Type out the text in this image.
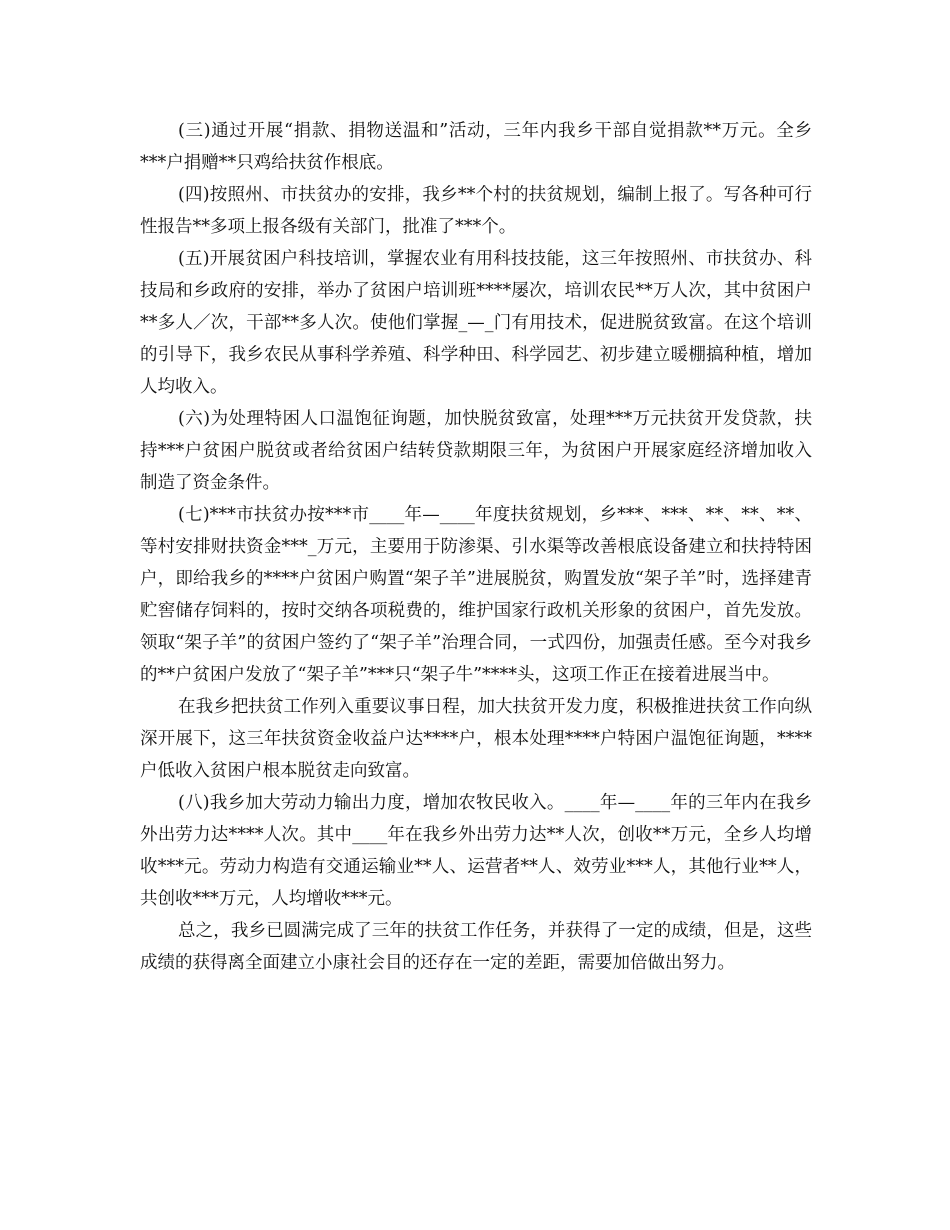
(三)通过开展“捐款、捐物送温和”活动，三年内我乡干部自觉捐款**万元。全乡***户捐赠**只鸡给扶贫作根底。

(四)按照州、市扶贫办的安排，我乡**个村的扶贫规划，编制上报了。写各种可行性报告**多项上报各级有关部门，批准了***个。

(五)开展贫困户科技培训，掌握农业有用科技技能，这三年按照州、市扶贫办、科技局和乡政府的安排，举办了贫困户培训班****屡次，培训农民**万人次，其中贫困户**多人／次，干部**多人次。使他们掌握_—_门有用技术，促进脱贫致富。在这个培训的引导下，我乡农民从事科学养殖、科学种田、科学园艺、初步建立暖棚搞种植，增加人均收入。

(六)为处理特困人口温饱征询题，加快脱贫致富，处理***万元扶贫开发贷款，扶持***户贫困户脱贫或者给贫困户结转贷款期限三年，为贫困户开展家庭经济增加收入制造了资金条件。

(七)***市扶贫办按***市____年—____年度扶贫规划，乡***、***、**、**、**、等村安排财扶资金***_万元，主要用于防渗渠、引水渠等改善根底设备建立和扶持特困户，即给我乡的****户贫困户购置“架子羊”进展脱贫，购置发放“架子羊”时，选择建青贮窖储存饲料的，按时交纳各项税费的，维护国家行政机关形象的贫困户，首先发放。领取“架子羊”的贫困户签约了“架子羊”治理合同，一式四份，加强责任感。至今对我乡的**户贫困户发放了“架子羊”***只“架子牛”****头，这项工作正在接着进展当中。

在我乡把扶贫工作列入重要议事日程，加大扶贫开发力度，积极推进扶贫工作向纵深开展下，这三年扶贫资金收益户达****户，根本处理****户特困户温饱征询题，****户低收入贫困户根本脱贫走向致富。

(八)我乡加大劳动力输出力度，增加农牧民收入。____年—____年的三年内在我乡外出劳力达****人次。其中____年在我乡外出劳力达**人次，创收**万元，全乡人均增收***元。劳动力构造有交通运输业**人、运营者**人、效劳业***人，其他行业**人，共创收***万元，人均增收***元。

总之，我乡已圆满完成了三年的扶贫工作任务，并获得了一定的成绩，但是，这些成绩的获得离全面建立小康社会目的还存在一定的差距，需要加倍做出努力。
